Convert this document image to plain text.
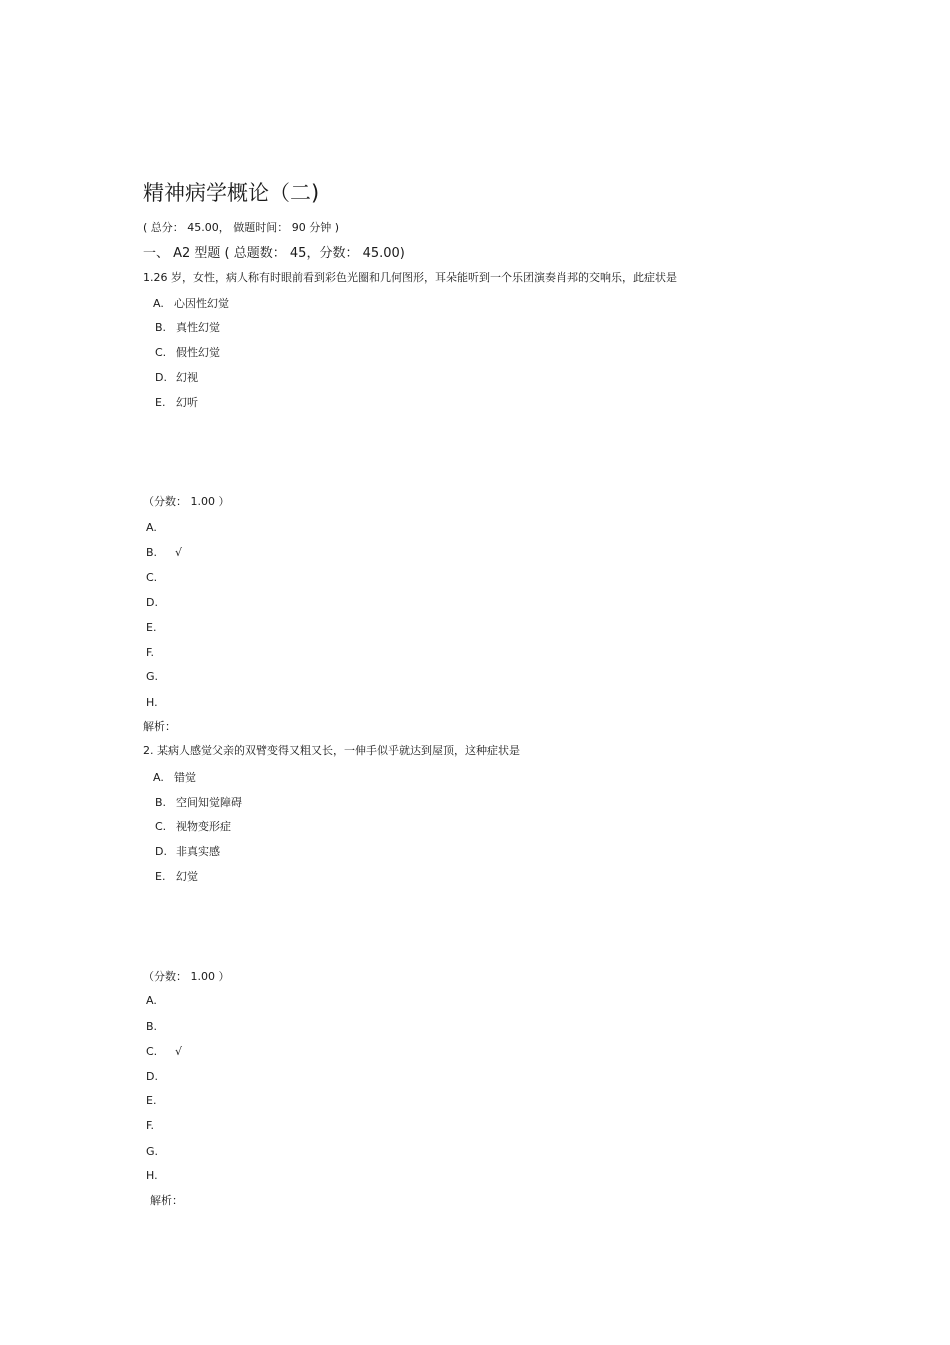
精神病学概论（二)
( 总分： 45.00， 做题时间： 90 分钟 )
一、 A2 型题 ( 总题数： 45，分数： 45.00)
1.26 岁，女性，病人称有时眼前看到彩色光圈和几何图形，耳朵能听到一个乐团演奏肖邦的交响乐，此症状是
A. 心因性幻觉
B. 真性幻觉
C. 假性幻觉
D. 幻视
E. 幻听
（分数： 1.00 ）
A.
B. √
C.
D.
E.
F.
G.
H.
解析：
2. 某病人感觉父亲的双臂变得又粗又长，一伸手似乎就达到屋顶，这种症状是
A. 错觉
B. 空间知觉障碍
C. 视物变形症
D. 非真实感
E. 幻觉
（分数： 1.00 ）
A.
B.
C. √
D.
E.
F.
G.
H.
解析：
